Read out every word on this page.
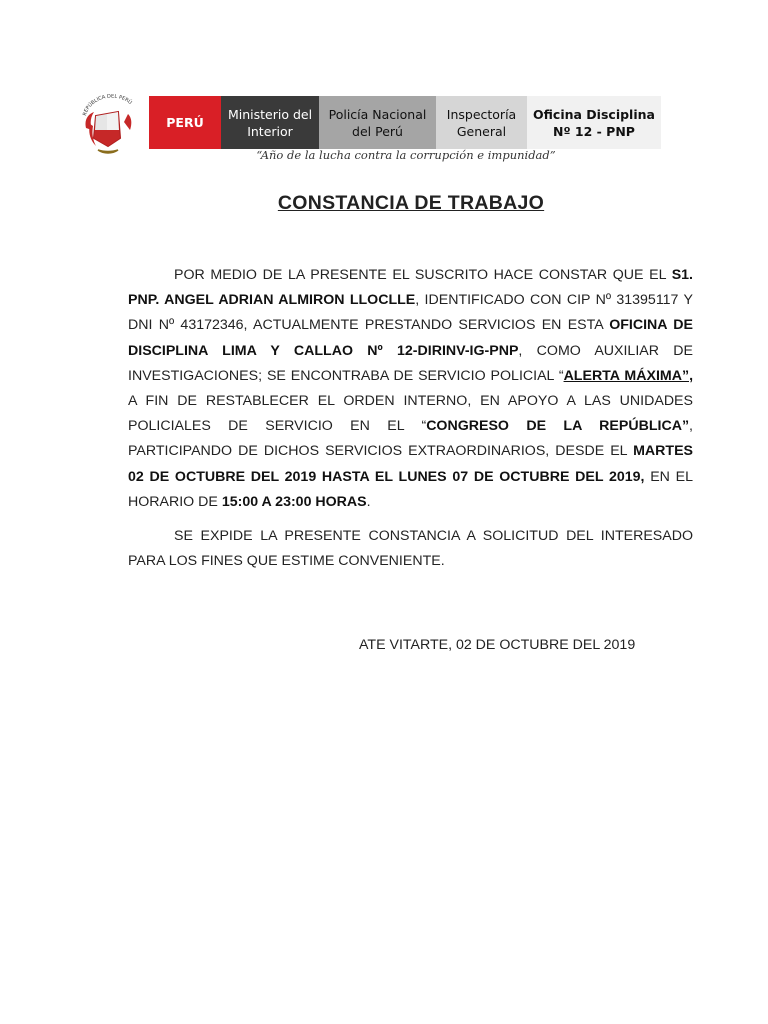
REPÚBLICA DEL PERÚ
PERÚ
Ministerio del Interior
Policía Nacional del Perú
Inspectoría General
Oficina Disciplina Nº 12 - PNP
“Año de la lucha contra la corrupción e impunidad”
CONSTANCIA DE TRABAJO

POR MEDIO DE LA PRESENTE EL SUSCRITO HACE CONSTAR QUE EL S1. PNP. ANGEL ADRIAN ALMIRON LLOCLLE, IDENTIFICADO CON CIP Nº 31395117 Y DNI Nº 43172346, ACTUALMENTE PRESTANDO SERVICIOS EN ESTA OFICINA DE DISCIPLINA LIMA Y CALLAO Nº 12-DIRINV-IG-PNP, COMO AUXILIAR DE INVESTIGACIONES; SE ENCONTRABA DE SERVICIO POLICIAL “ALERTA MÁXIMA”, A FIN DE RESTABLECER EL ORDEN INTERNO, EN APOYO A LAS UNIDADES POLICIALES DE SERVICIO EN EL “CONGRESO DE LA REPÚBLICA”, PARTICIPANDO DE DICHOS SERVICIOS EXTRAORDINARIOS, DESDE EL MARTES 02 DE OCTUBRE DEL 2019 HASTA EL LUNES 07 DE OCTUBRE DEL 2019, EN EL HORARIO DE 15:00 A 23:00 HORAS.

SE EXPIDE LA PRESENTE CONSTANCIA A SOLICITUD DEL INTERESADO PARA LOS FINES QUE ESTIME CONVENIENTE.

ATE VITARTE, 02 DE OCTUBRE DEL 2019
